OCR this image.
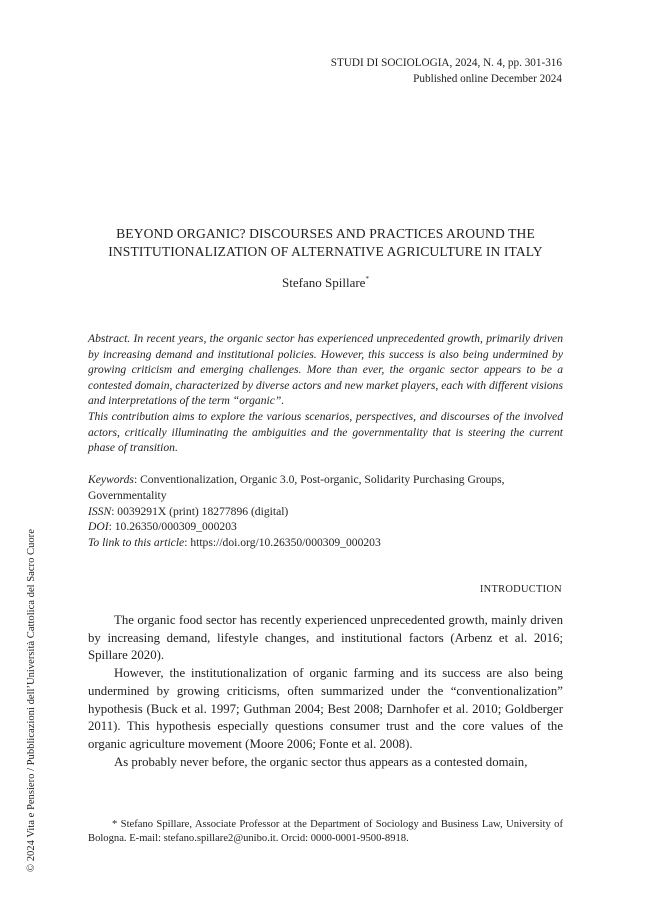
STUDI DI SOCIOLOGIA, 2024, N. 4, pp. 301-316
Published online December 2024
BEYOND ORGANIC? DISCOURSES AND PRACTICES AROUND THE
INSTITUTIONALIZATION OF ALTERNATIVE AGRICULTURE IN ITALY
Stefano Spillare*

Abstract. In recent years, the organic sector has experienced unprecedented growth, primarily driven by increasing demand and institutional policies. However, this success is also being undermined by growing criticism and emerging challenges. More than ever, the organic sector appears to be a contested domain, characterized by diverse actors and new market players, each with different visions and interpretations of the term “organic”.

This contribution aims to explore the various scenarios, perspectives, and discourses of the involved actors, critically illuminating the ambiguities and the governmentality that is steering the current phase of transition.

Keywords: Conventionalization, Organic 3.0, Post-organic, Solidarity Purchasing Groups, Governmentality

ISSN: 0039291X (print) 18277896 (digital)

DOI: 10.26350/000309_000203

To link to this article: https://doi.org/10.26350/000309_000203

INTRODUCTION

The organic food sector has recently experienced unprecedented growth, mainly driven by increasing demand, lifestyle changes, and institutional factors (Arbenz et al. 2016; Spillare 2020).

However, the institutionalization of organic farming and its success are also being undermined by growing criticisms, often summarized under the “conventionalization” hypothesis (Buck et al. 1997; Guthman 2004; Best 2008; Darnhofer et al. 2010; Goldberger 2011). This hypothesis especially questions consumer trust and the core values of the organic agriculture movement (Moore 2006; Fonte et al. 2008).

As probably never before, the organic sector thus appears as a contested domain,

* Stefano Spillare, Associate Professor at the Department of Sociology and Business Law, University of Bologna. E-mail: stefano.spillare2@unibo.it. Orcid: 0000-0001-9500-8918.

© 2024 Vita e Pensiero / Pubblicazioni dell’Università Cattolica del Sacro Cuore
